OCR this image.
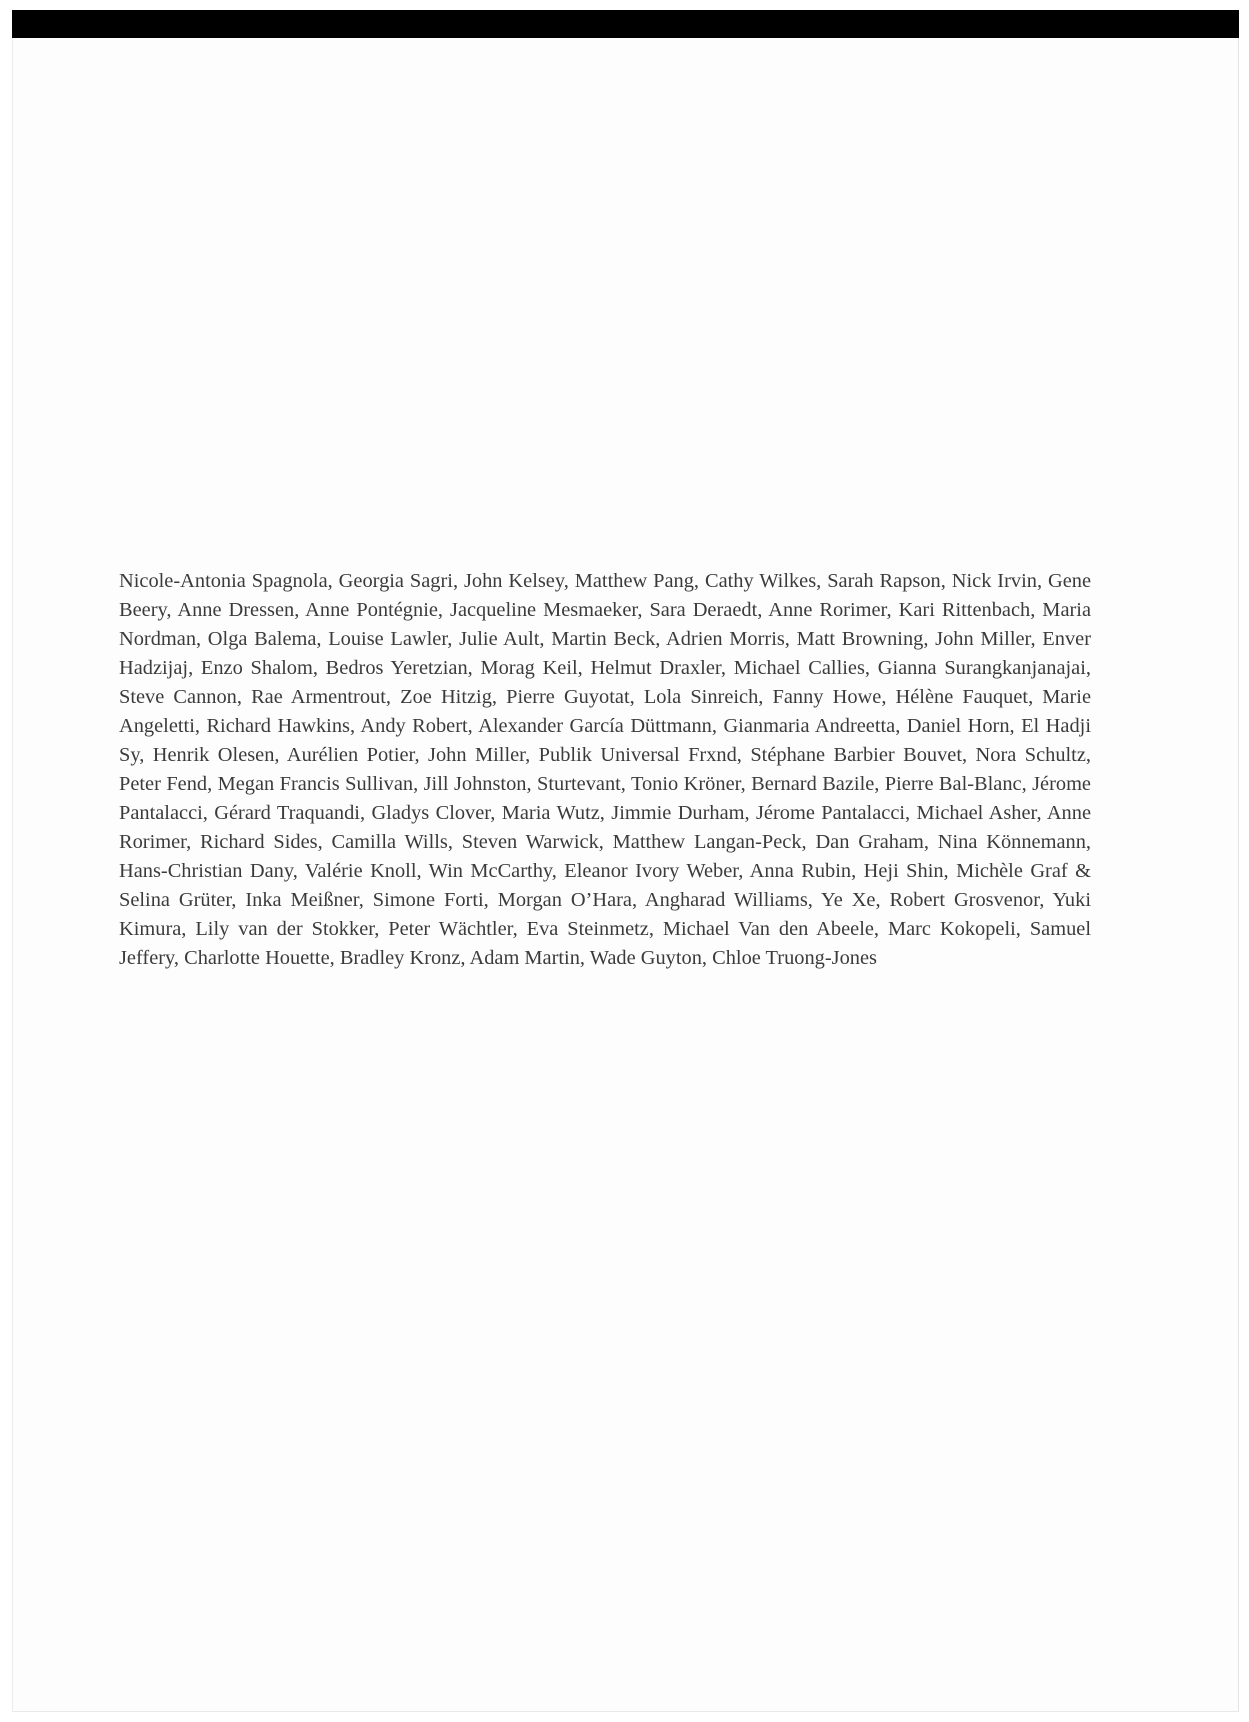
Nicole-Antonia Spagnola, Georgia Sagri, John Kelsey, Matthew Pang, Cathy Wilkes, Sarah Rapson, Nick Irvin, Gene Beery, Anne Dressen, Anne Pontégnie, Jacqueline Mesmaeker, Sara Deraedt, Anne Rorimer, Kari Rittenbach, Maria Nordman, Olga Balema, Louise Lawler, Julie Ault, Martin Beck, Adrien Morris, Matt Browning, John Miller, Enver Hadzijaj, Enzo Shalom, Bedros Yeretzian, Morag Keil, Helmut Draxler, Michael Callies, Gianna Surangkanjanajai, Steve Cannon, Rae Armentrout, Zoe Hitzig, Pierre Guyotat, Lola Sinreich, Fanny Howe, Hélène Fauquet, Marie Angeletti, Richard Hawkins, Andy Robert, Alexander García Düttmann, Gianmaria Andreetta, Daniel Horn, El Hadji Sy, Henrik Olesen, Aurélien Potier, John Miller, Publik Universal Frxnd, Stéphane Barbier Bouvet, Nora Schultz, Peter Fend, Megan Francis Sullivan, Jill Johnston, Sturtevant, Tonio Kröner, Bernard Bazile, Pierre Bal-Blanc, Jérome Pantalacci, Gérard Traquandi, Gladys Clover, Maria Wutz, Jimmie Durham, Jérome Pantalacci, Michael Asher, Anne Rorimer, Richard Sides, Camilla Wills, Steven Warwick, Matthew Langan-Peck, Dan Graham, Nina Könnemann, Hans-Christian Dany, Valérie Knoll, Win McCarthy, Eleanor Ivory Weber, Anna Rubin, Heji Shin, Michèle Graf & Selina Grüter, Inka Meißner, Simone Forti, Morgan O’Hara, Angharad Williams, Ye Xe, Robert Grosvenor, Yuki Kimura, Lily van der Stokker, Peter Wächtler, Eva Steinmetz, Michael Van den Abeele, Marc Kokopeli, Samuel Jeffery, Charlotte Houette, Bradley Kronz, Adam Martin, Wade Guyton, Chloe Truong-Jones
